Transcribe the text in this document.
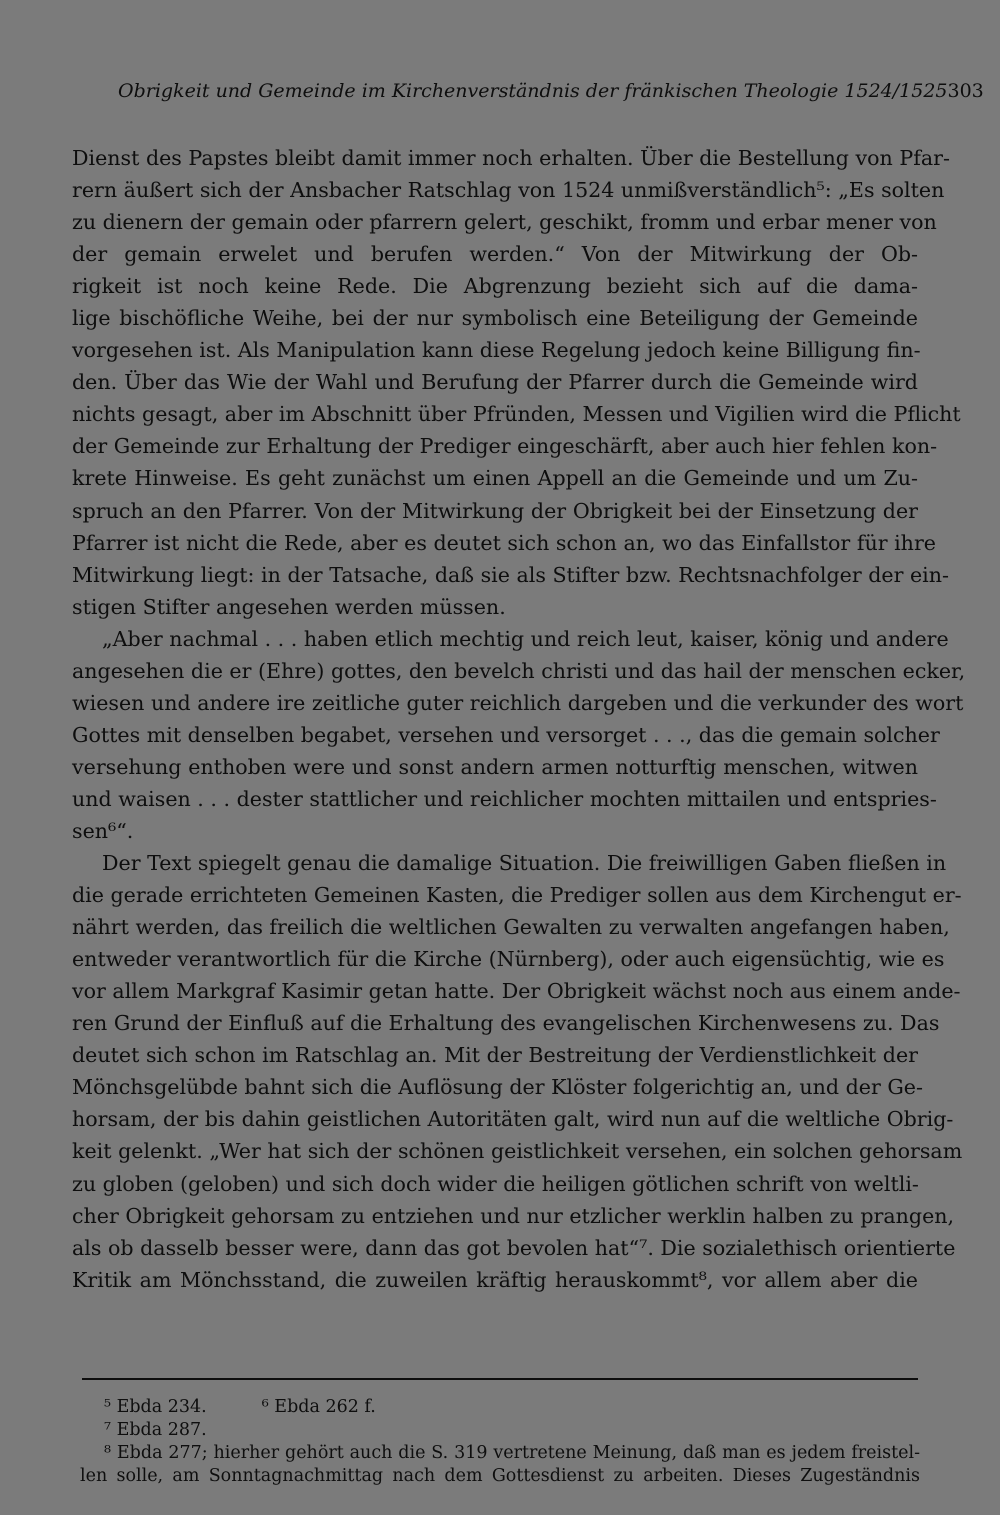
Obrigkeit und Gemeinde im Kirchenverständnis der fränkischen Theologie 1524/1525 303
Dienst des Papstes bleibt damit immer noch erhalten. Über die Bestellung von Pfar-
rern äußert sich der Ansbacher Ratschlag von 1524 unmißverständlich⁵: „Es solten
zu dienern der gemain oder pfarrern gelert, geschikt, fromm und erbar mener von
der gemain erwelet und berufen werden.“ Von der Mitwirkung der Ob-
rigkeit ist noch keine Rede. Die Abgrenzung bezieht sich auf die dama-
lige bischöfliche Weihe, bei der nur symbolisch eine Beteiligung der Gemeinde
vorgesehen ist. Als Manipulation kann diese Regelung jedoch keine Billigung fin-
den. Über das Wie der Wahl und Berufung der Pfarrer durch die Gemeinde wird
nichts gesagt, aber im Abschnitt über Pfründen, Messen und Vigilien wird die Pflicht
der Gemeinde zur Erhaltung der Prediger eingeschärft, aber auch hier fehlen kon-
krete Hinweise. Es geht zunächst um einen Appell an die Gemeinde und um Zu-
spruch an den Pfarrer. Von der Mitwirkung der Obrigkeit bei der Einsetzung der
Pfarrer ist nicht die Rede, aber es deutet sich schon an, wo das Einfallstor für ihre
Mitwirkung liegt: in der Tatsache, daß sie als Stifter bzw. Rechtsnachfolger der ein-
stigen Stifter angesehen werden müssen.
„Aber nachmal . . . haben etlich mechtig und reich leut, kaiser, könig und andere
angesehen die er (Ehre) gottes, den bevelch christi und das hail der menschen ecker,
wiesen und andere ire zeitliche guter reichlich dargeben und die verkunder des wort
Gottes mit denselben begabet, versehen und versorget . . ., das die gemain solcher
versehung enthoben were und sonst andern armen notturftig menschen, witwen
und waisen . . . dester stattlicher und reichlicher mochten mittailen und entspries-
sen⁶“.
Der Text spiegelt genau die damalige Situation. Die freiwilligen Gaben fließen in
die gerade errichteten Gemeinen Kasten, die Prediger sollen aus dem Kirchengut er-
nährt werden, das freilich die weltlichen Gewalten zu verwalten angefangen haben,
entweder verantwortlich für die Kirche (Nürnberg), oder auch eigensüchtig, wie es
vor allem Markgraf Kasimir getan hatte. Der Obrigkeit wächst noch aus einem ande-
ren Grund der Einfluß auf die Erhaltung des evangelischen Kirchenwesens zu. Das
deutet sich schon im Ratschlag an. Mit der Bestreitung der Verdienstlichkeit der
Mönchsgelübde bahnt sich die Auflösung der Klöster folgerichtig an, und der Ge-
horsam, der bis dahin geistlichen Autoritäten galt, wird nun auf die weltliche Obrig-
keit gelenkt. „Wer hat sich der schönen geistlichkeit versehen, ein solchen gehorsam
zu globen (geloben) und sich doch wider die heiligen götlichen schrift von weltli-
cher Obrigkeit gehorsam zu entziehen und nur etzlicher werklin halben zu prangen,
als ob dasselb besser were, dann das got bevolen hat“⁷. Die sozialethisch orientierte
Kritik am Mönchsstand, die zuweilen kräftig herauskommt⁸, vor allem aber die
⁵ Ebda 234.	⁶ Ebda 262 f.
⁷ Ebda 287.
⁸ Ebda 277; hierher gehört auch die S. 319 vertretene Meinung, daß man es jedem freistel-
len solle, am Sonntagnachmittag nach dem Gottesdienst zu arbeiten. Dieses Zugeständnis
